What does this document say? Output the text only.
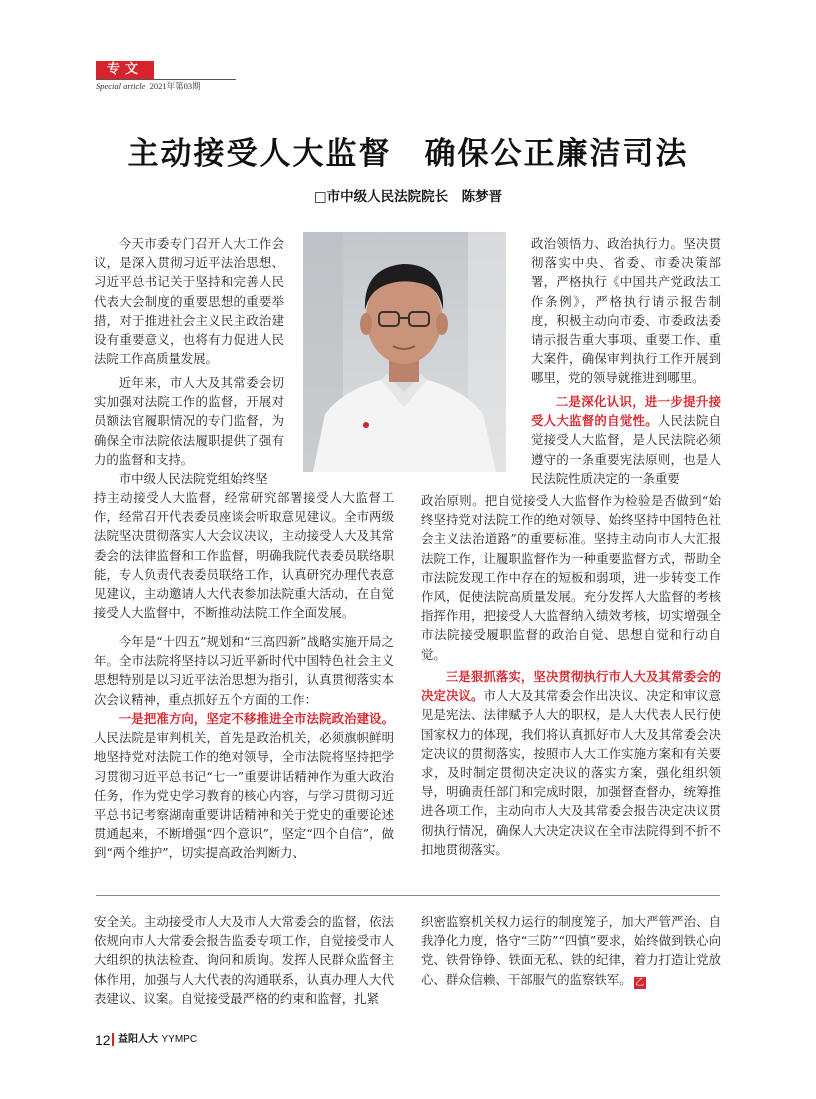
专文
Special article 2021年第03期
主动接受人大监督　确保公正廉洁司法
□市中级人民法院院长　陈梦晋

今天市委专门召开人大工作会议，是深入贯彻习近平法治思想、习近平总书记关于坚持和完善人民代表大会制度的重要思想的重要举措，对于推进社会主义民主政治建设有重要意义，也将有力促进人民法院工作高质量发展。

近年来，市人大及其常委会切实加强对法院工作的监督，开展对员额法官履职情况的专门监督，为确保全市法院依法履职提供了强有力的监督和支持。

市中级人民法院党组始终坚

持主动接受人大监督，经常研究部署接受人大监督工作，经常召开代表委员座谈会听取意见建议。全市两级法院坚决贯彻落实人大会议决议，主动接受人大及其常委会的法律监督和工作监督，明确我院代表委员联络职能，专人负责代表委员联络工作，认真研究办理代表意见建议，主动邀请人大代表参加法院重大活动，在自觉接受人大监督中，不断推动法院工作全面发展。

今年是“十四五”规划和“三高四新”战略实施开局之年。全市法院将坚持以习近平新时代中国特色社会主义思想特别是以习近平法治思想为指引，认真贯彻落实本次会议精神，重点抓好五个方面的工作：

一是把准方向，坚定不移推进全市法院政治建设。人民法院是审判机关，首先是政治机关，必须旗帜鲜明地坚持党对法院工作的绝对领导，全市法院将坚持把学习贯彻习近平总书记“七一”重要讲话精神作为重大政治任务，作为党史学习教育的核心内容，与学习贯彻习近平总书记考察湖南重要讲话精神和关于党史的重要论述贯通起来，不断增强“四个意识”，坚定“四个自信”，做到“两个维护”，切实提高政治判断力、

政治领悟力、政治执行力。坚决贯彻落实中央、省委、市委决策部署，严格执行《中国共产党政法工作条例》，严格执行请示报告制度，积极主动向市委、市委政法委请示报告重大事项、重要工作、重大案件，确保审判执行工作开展到哪里，党的领导就推进到哪里。

二是深化认识，进一步提升接受人大监督的自觉性。人民法院自觉接受人大监督，是人民法院必须遵守的一条重要宪法原则，也是人民法院性质决定的一条重要

政治原则。把自觉接受人大监督作为检验是否做到“始终坚持党对法院工作的绝对领导、始终坚持中国特色社会主义法治道路”的重要标准。坚持主动向市人大汇报法院工作，让履职监督作为一种重要监督方式，帮助全市法院发现工作中存在的短板和弱项，进一步转变工作作风，促使法院高质量发展。充分发挥人大监督的考核指挥作用，把接受人大监督纳入绩效考核，切实增强全市法院接受履职监督的政治自觉、思想自觉和行动自觉。

三是狠抓落实，坚决贯彻执行市人大及其常委会的决定决议。市人大及其常委会作出决议、决定和审议意见是宪法、法律赋予人大的职权，是人大代表人民行使国家权力的体现，我们将认真抓好市人大及其常委会决定决议的贯彻落实，按照市人大工作实施方案和有关要求，及时制定贯彻决定决议的落实方案，强化组织领导，明确责任部门和完成时限，加强督查督办，统筹推进各项工作，主动向市人大及其常委会报告决定决议贯彻执行情况，确保人大决定决议在全市法院得到不折不扣地贯彻落实。

安全关。主动接受市人大及市人大常委会的监督，依法依规向市人大常委会报告监委专项工作，自觉接受市人大组织的执法检查、询问和质询。发挥人民群众监督主体作用，加强与人大代表的沟通联系，认真办理人大代表建议、议案。自觉接受最严格的约束和监督，扎紧

织密监察机关权力运行的制度笼子，加大严管严治、自我净化力度，恪守“三防”“四慎”要求，始终做到铁心向党、铁骨铮铮、铁面无私、铁的纪律，着力打造让党放心、群众信赖、干部服气的监察铁军。 乙

12 益阳人大 YYMPC
